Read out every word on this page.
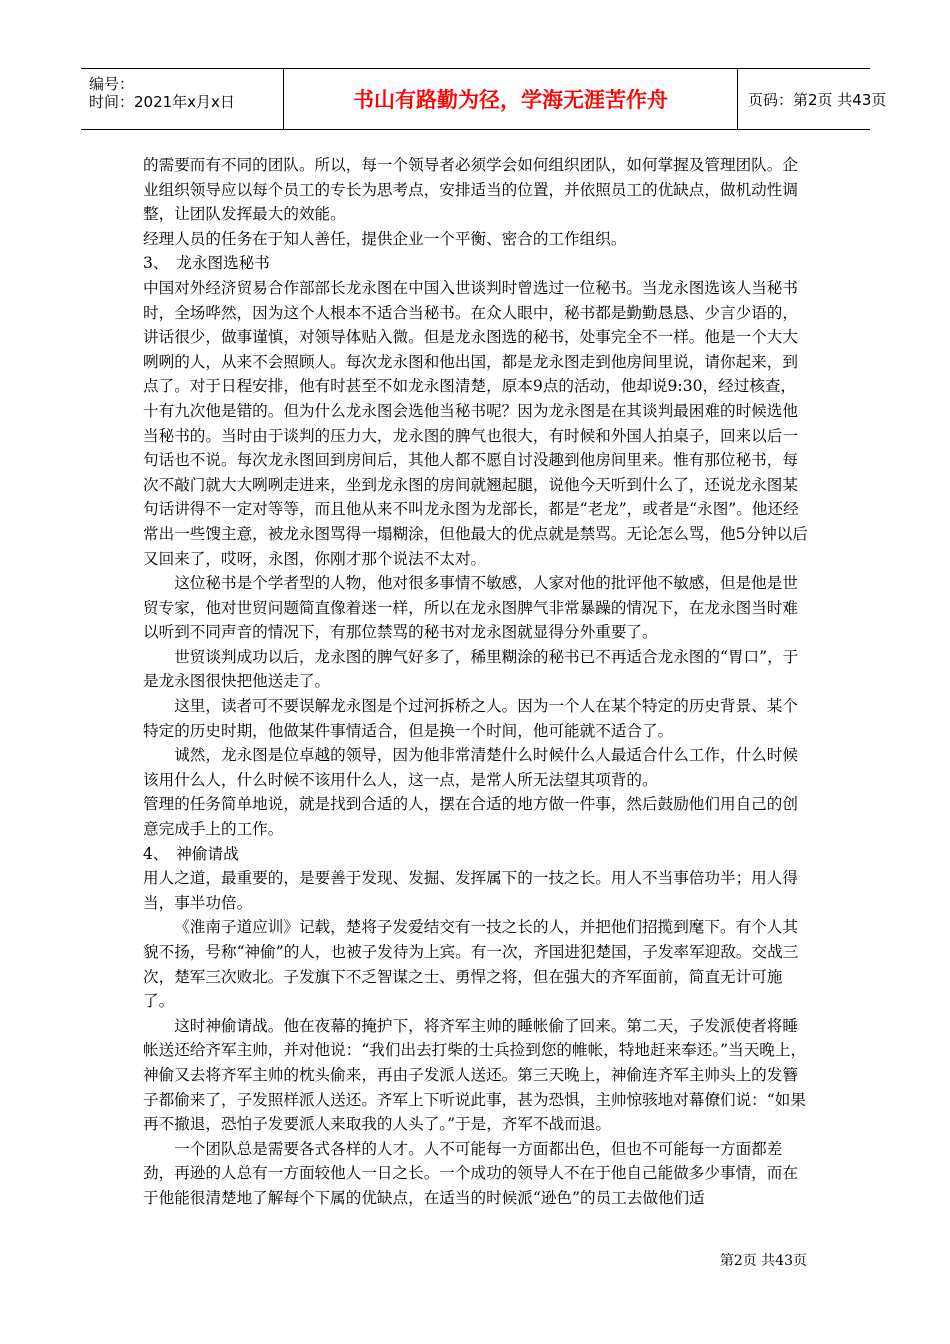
编号：
时间：2021年x月x日	书山有路勤为径，学海无涯苦作舟	页码：第2页 共43页

的需要而有不同的团队。所以，每一个领导者必须学会如何组织团队，如何掌握及管理团队。企业组织领导应以每个员工的专长为思考点，安排适当的位置，并依照员工的优缺点，做机动性调整，让团队发挥最大的效能。

经理人员的任务在于知人善任，提供企业一个平衡、密合的工作组织。

3、　龙永图选秘书

中国对外经济贸易合作部部长龙永图在中国入世谈判时曾选过一位秘书。当龙永图选该人当秘书时，全场哗然，因为这个人根本不适合当秘书。在众人眼中，秘书都是勤勤恳恳、少言少语的，讲话很少，做事谨慎，对领导体贴入微。但是龙永图选的秘书，处事完全不一样。他是一个大大咧咧的人，从来不会照顾人。每次龙永图和他出国，都是龙永图走到他房间里说，请你起来，到点了。对于日程安排，他有时甚至不如龙永图清楚，原本9点的活动，他却说9:30，经过核查，十有九次他是错的。但为什么龙永图会选他当秘书呢？因为龙永图是在其谈判最困难的时候选他当秘书的。当时由于谈判的压力大，龙永图的脾气也很大，有时候和外国人拍桌子，回来以后一句话也不说。每次龙永图回到房间后，其他人都不愿自讨没趣到他房间里来。惟有那位秘书，每次不敲门就大大咧咧走进来，坐到龙永图的房间就翘起腿，说他今天听到什么了，还说龙永图某句话讲得不一定对等等，而且他从来不叫龙永图为龙部长，都是“老龙”，或者是“永图”。他还经常出一些馊主意，被龙永图骂得一塌糊涂，但他最大的优点就是禁骂。无论怎么骂，他5分钟以后又回来了，哎呀，永图，你刚才那个说法不太对。

这位秘书是个学者型的人物，他对很多事情不敏感，人家对他的批评他不敏感，但是他是世贸专家，他对世贸问题简直像着迷一样，所以在龙永图脾气非常暴躁的情况下，在龙永图当时难以听到不同声音的情况下，有那位禁骂的秘书对龙永图就显得分外重要了。

世贸谈判成功以后，龙永图的脾气好多了，稀里糊涂的秘书已不再适合龙永图的“胃口”，于是龙永图很快把他送走了。

这里，读者可不要误解龙永图是个过河拆桥之人。因为一个人在某个特定的历史背景、某个特定的历史时期，他做某件事情适合，但是换一个时间，他可能就不适合了。

诚然，龙永图是位卓越的领导，因为他非常清楚什么时候什么人最适合什么工作，什么时候该用什么人，什么时候不该用什么人，这一点，是常人所无法望其项背的。

管理的任务简单地说，就是找到合适的人，摆在合适的地方做一件事，然后鼓励他们用自己的创意完成手上的工作。

4、　神偷请战

用人之道，最重要的，是要善于发现、发掘、发挥属下的一技之长。用人不当事倍功半；用人得当，事半功倍。

《淮南子道应训》记载，楚将子发爱结交有一技之长的人，并把他们招揽到麾下。有个人其貌不扬，号称“神偷”的人，也被子发待为上宾。有一次，齐国进犯楚国，子发率军迎敌。交战三次，楚军三次败北。子发旗下不乏智谋之士、勇悍之将，但在强大的齐军面前，简直无计可施了。

这时神偷请战。他在夜幕的掩护下，将齐军主帅的睡帐偷了回来。第二天，子发派使者将睡帐送还给齐军主帅，并对他说：“我们出去打柴的士兵捡到您的帷帐，特地赶来奉还。”当天晚上，神偷又去将齐军主帅的枕头偷来，再由子发派人送还。第三天晚上，神偷连齐军主帅头上的发簪子都偷来了，子发照样派人送还。齐军上下听说此事，甚为恐惧，主帅惊骇地对幕僚们说：“如果再不撤退，恐怕子发要派人来取我的人头了。”于是，齐军不战而退。

一个团队总是需要各式各样的人才。人不可能每一方面都出色，但也不可能每一方面都差劲，再逊的人总有一方面较他人一日之长。一个成功的领导人不在于他自己能做多少事情，而在于他能很清楚地了解每个下属的优缺点，在适当的时候派“逊色”的员工去做他们适

第2页 共43页
